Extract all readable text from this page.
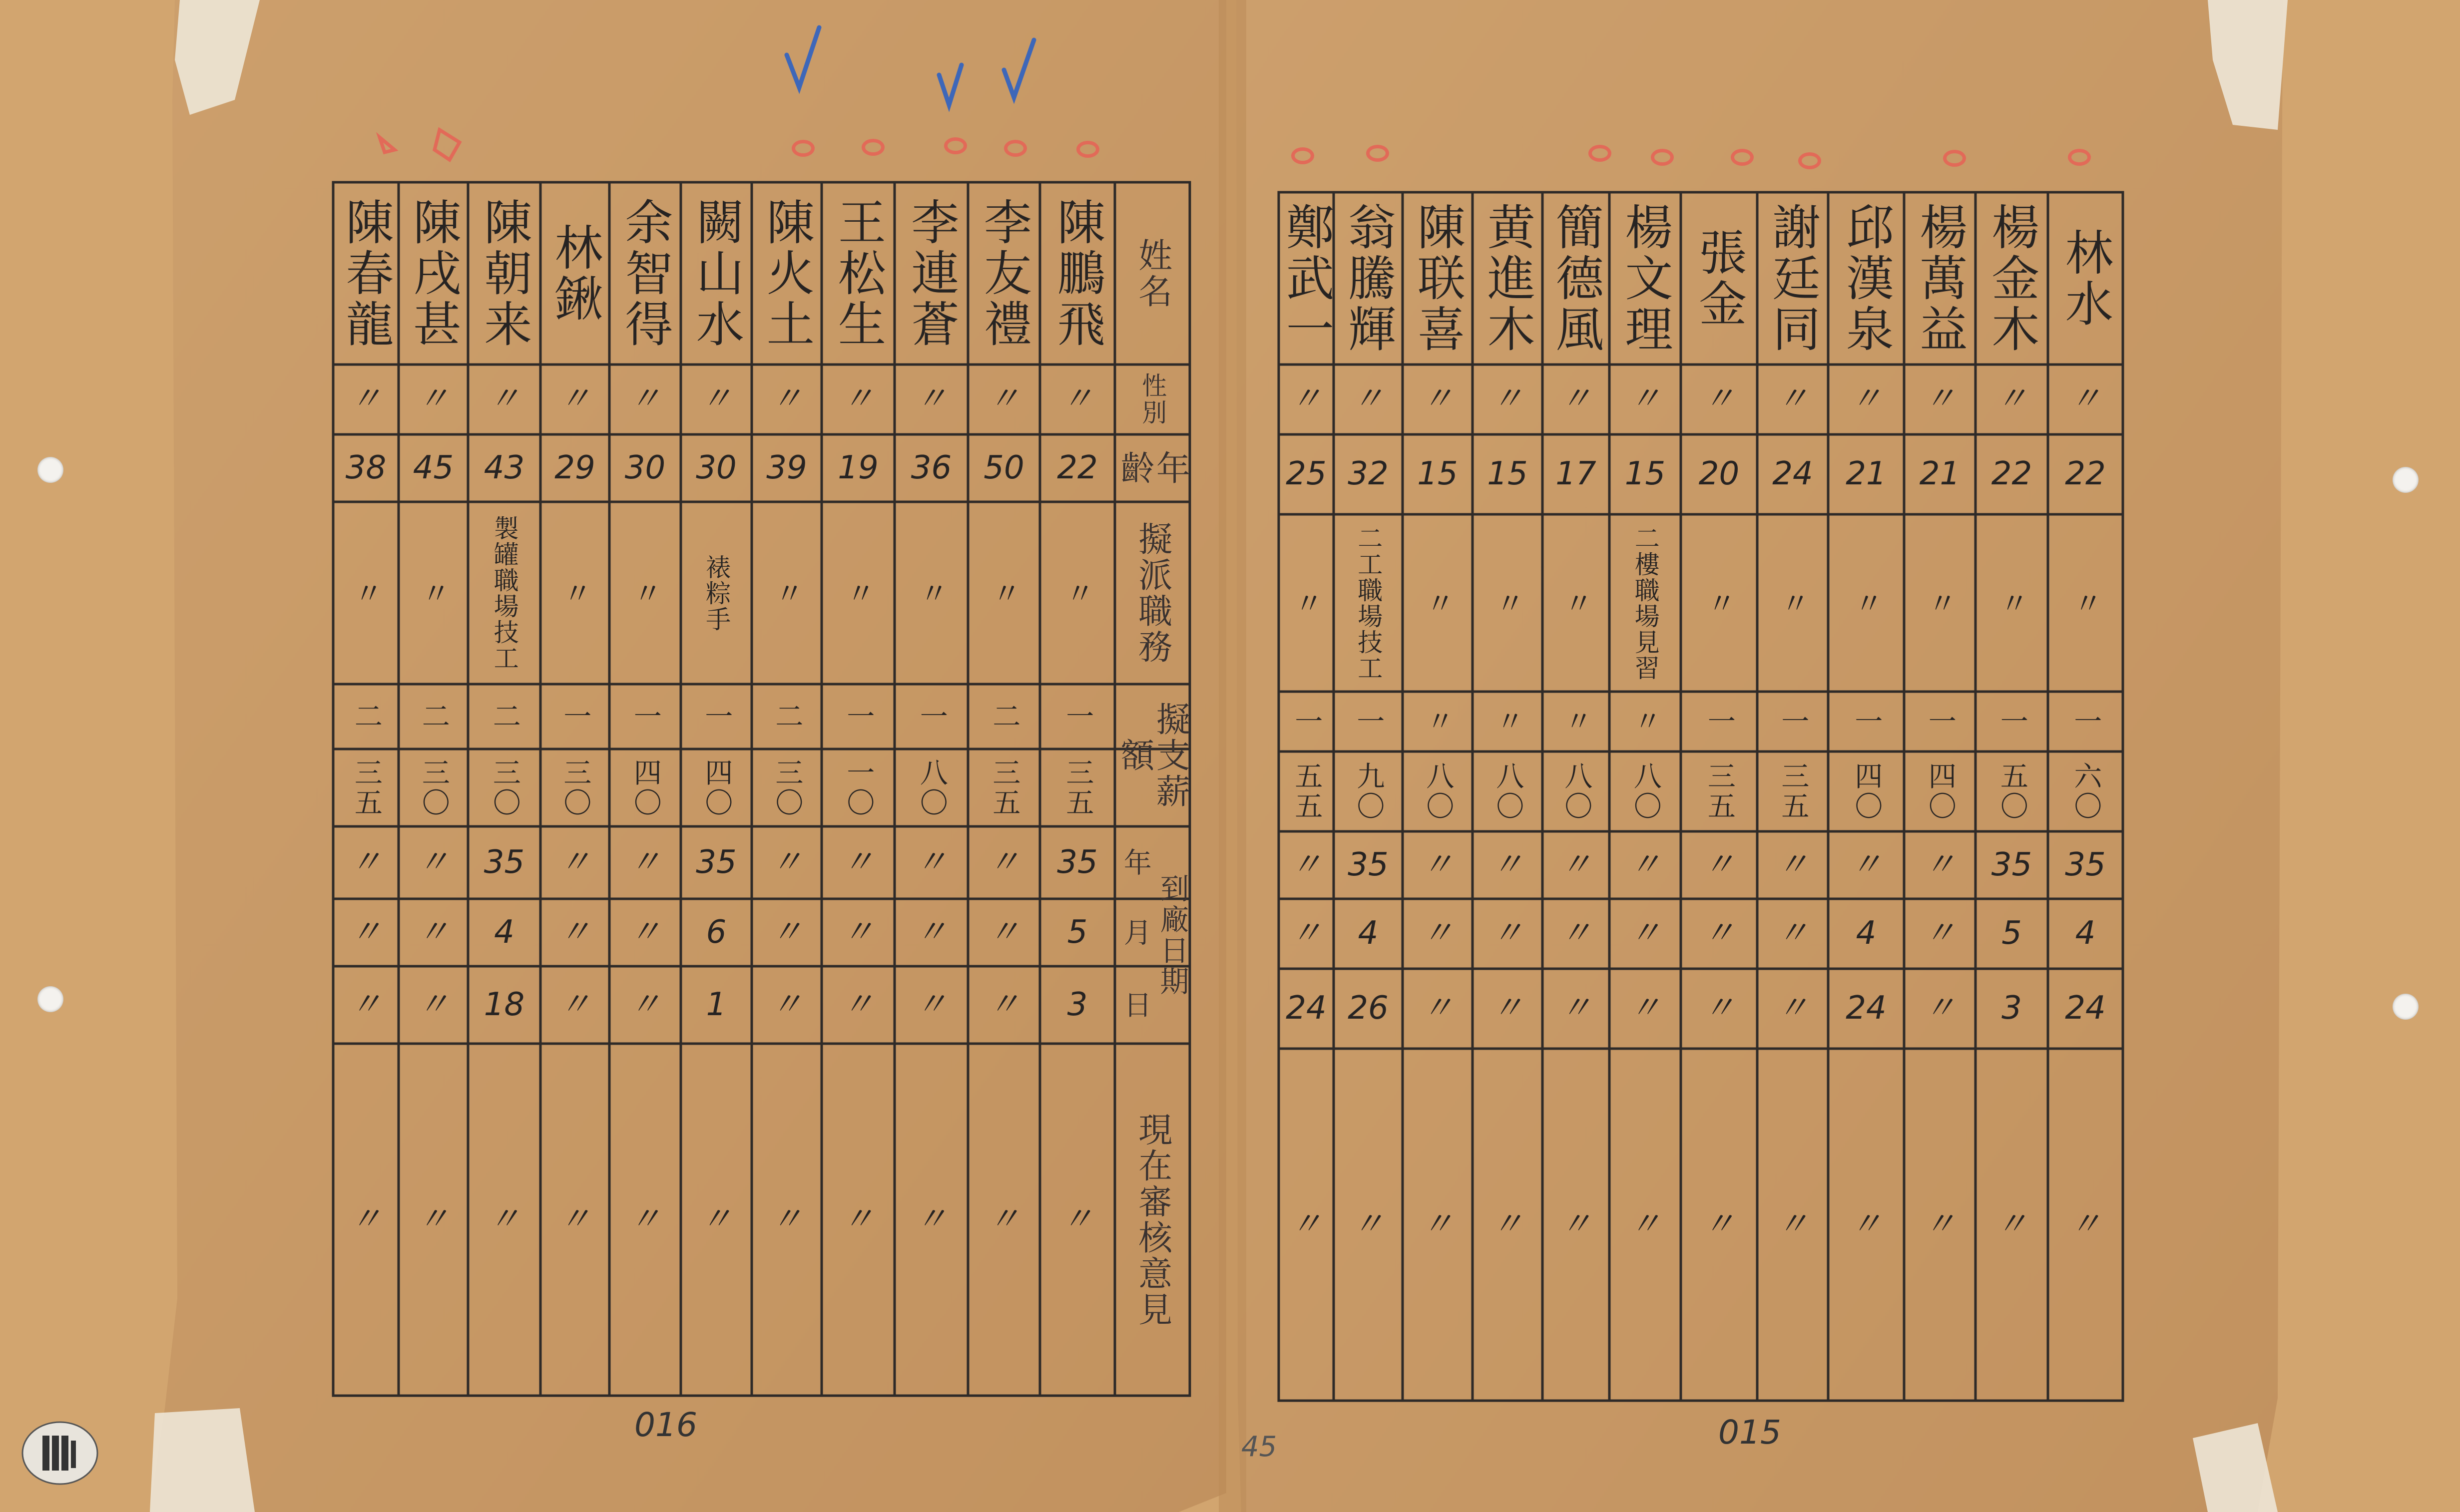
姓名
性別
年齡
擬派職務
擬支薪額
到廠日期
年
月
日
現在審核意見
陳鵬飛
〃
22
〃
一
三五
35
5
3
〃
李友禮
〃
50
〃
二
三五
〃
〃
〃
〃
李連蒼
〃
36
〃
一
八〇
〃
〃
〃
〃
王松生
〃
19
〃
一
一〇
〃
〃
〃
〃
陳火土
〃
39
〃
二
三〇
〃
〃
〃
〃
闕山水
〃
30
裱粽手
一
四〇
35
6
1
〃
余智得
〃
30
〃
一
四〇
〃
〃
〃
〃
林鍬
〃
29
〃
一
三〇
〃
〃
〃
〃
陳朝来
〃
43
製罐職場技工
二
三〇
35
4
18
〃
陳戌甚
〃
45
〃
二
三〇
〃
〃
〃
〃
陳春龍
〃
38
〃
二
三五
〃
〃
〃
〃
林水
〃
22
〃
一
六〇
35
4
24
〃
楊金木
〃
22
〃
一
五〇
35
5
3
〃
楊萬益
〃
21
〃
一
四〇
〃
〃
〃
〃
邱漢泉
〃
21
〃
一
四〇
〃
4
24
〃
謝廷同
〃
24
〃
一
三五
〃
〃
〃
〃
張金
〃
20
〃
一
三五
〃
〃
〃
〃
楊文理
〃
15
二樓職場見習
〃
八〇
〃
〃
〃
〃
簡德風
〃
17
〃
〃
八〇
〃
〃
〃
〃
黄進木
〃
15
〃
〃
八〇
〃
〃
〃
〃
陳联喜
〃
15
〃
〃
八〇
〃
〃
〃
〃
翁騰輝
〃
32
二工職場技工
一
九〇
35
4
26
〃
鄭武一
〃
25
〃
一
五五
〃
〃
24
〃
016	015
45
